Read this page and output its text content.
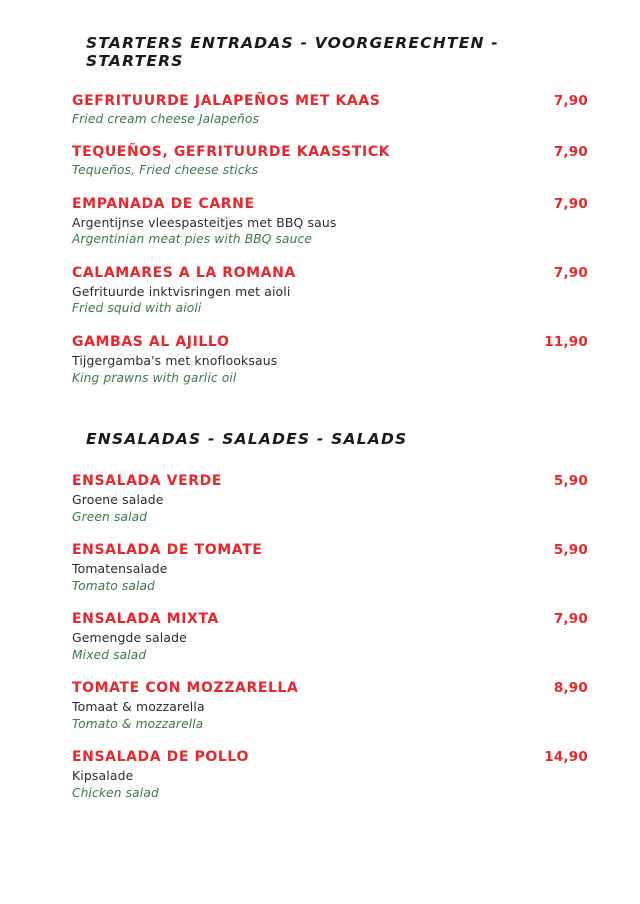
STARTERS ENTRADAS - VOORGERECHTEN - STARTERS
GEFRITUURDE JALAPEÑOS MET KAAS	7,90
Fried cream cheese Jalapeños
TEQUEÑOS, GEFRITUURDE KAASSTICK	7,90
Tequeños, Fried cheese sticks
EMPANADA DE CARNE	7,90
Argentijnse vleespasteitjes met BBQ saus
Argentinian meat pies with BBQ sauce
CALAMARES A LA ROMANA	7,90
Gefrituurde inktvisringen met aioli
Fried squid with aioli
GAMBAS AL AJILLO	11,90
Tijgergamba's met knoflooksaus
King prawns with garlic oil
ENSALADAS - SALADES - SALADS
ENSALADA VERDE	5,90
Groene salade
Green salad
ENSALADA DE TOMATE	5,90
Tomatensalade
Tomato salad
ENSALADA MIXTA	7,90
Gemengde salade
Mixed salad
TOMATE CON MOZZARELLA	8,90
Tomaat & mozzarella
Tomato & mozzarella
ENSALADA DE POLLO	14,90
Kipsalade
Chicken salad
